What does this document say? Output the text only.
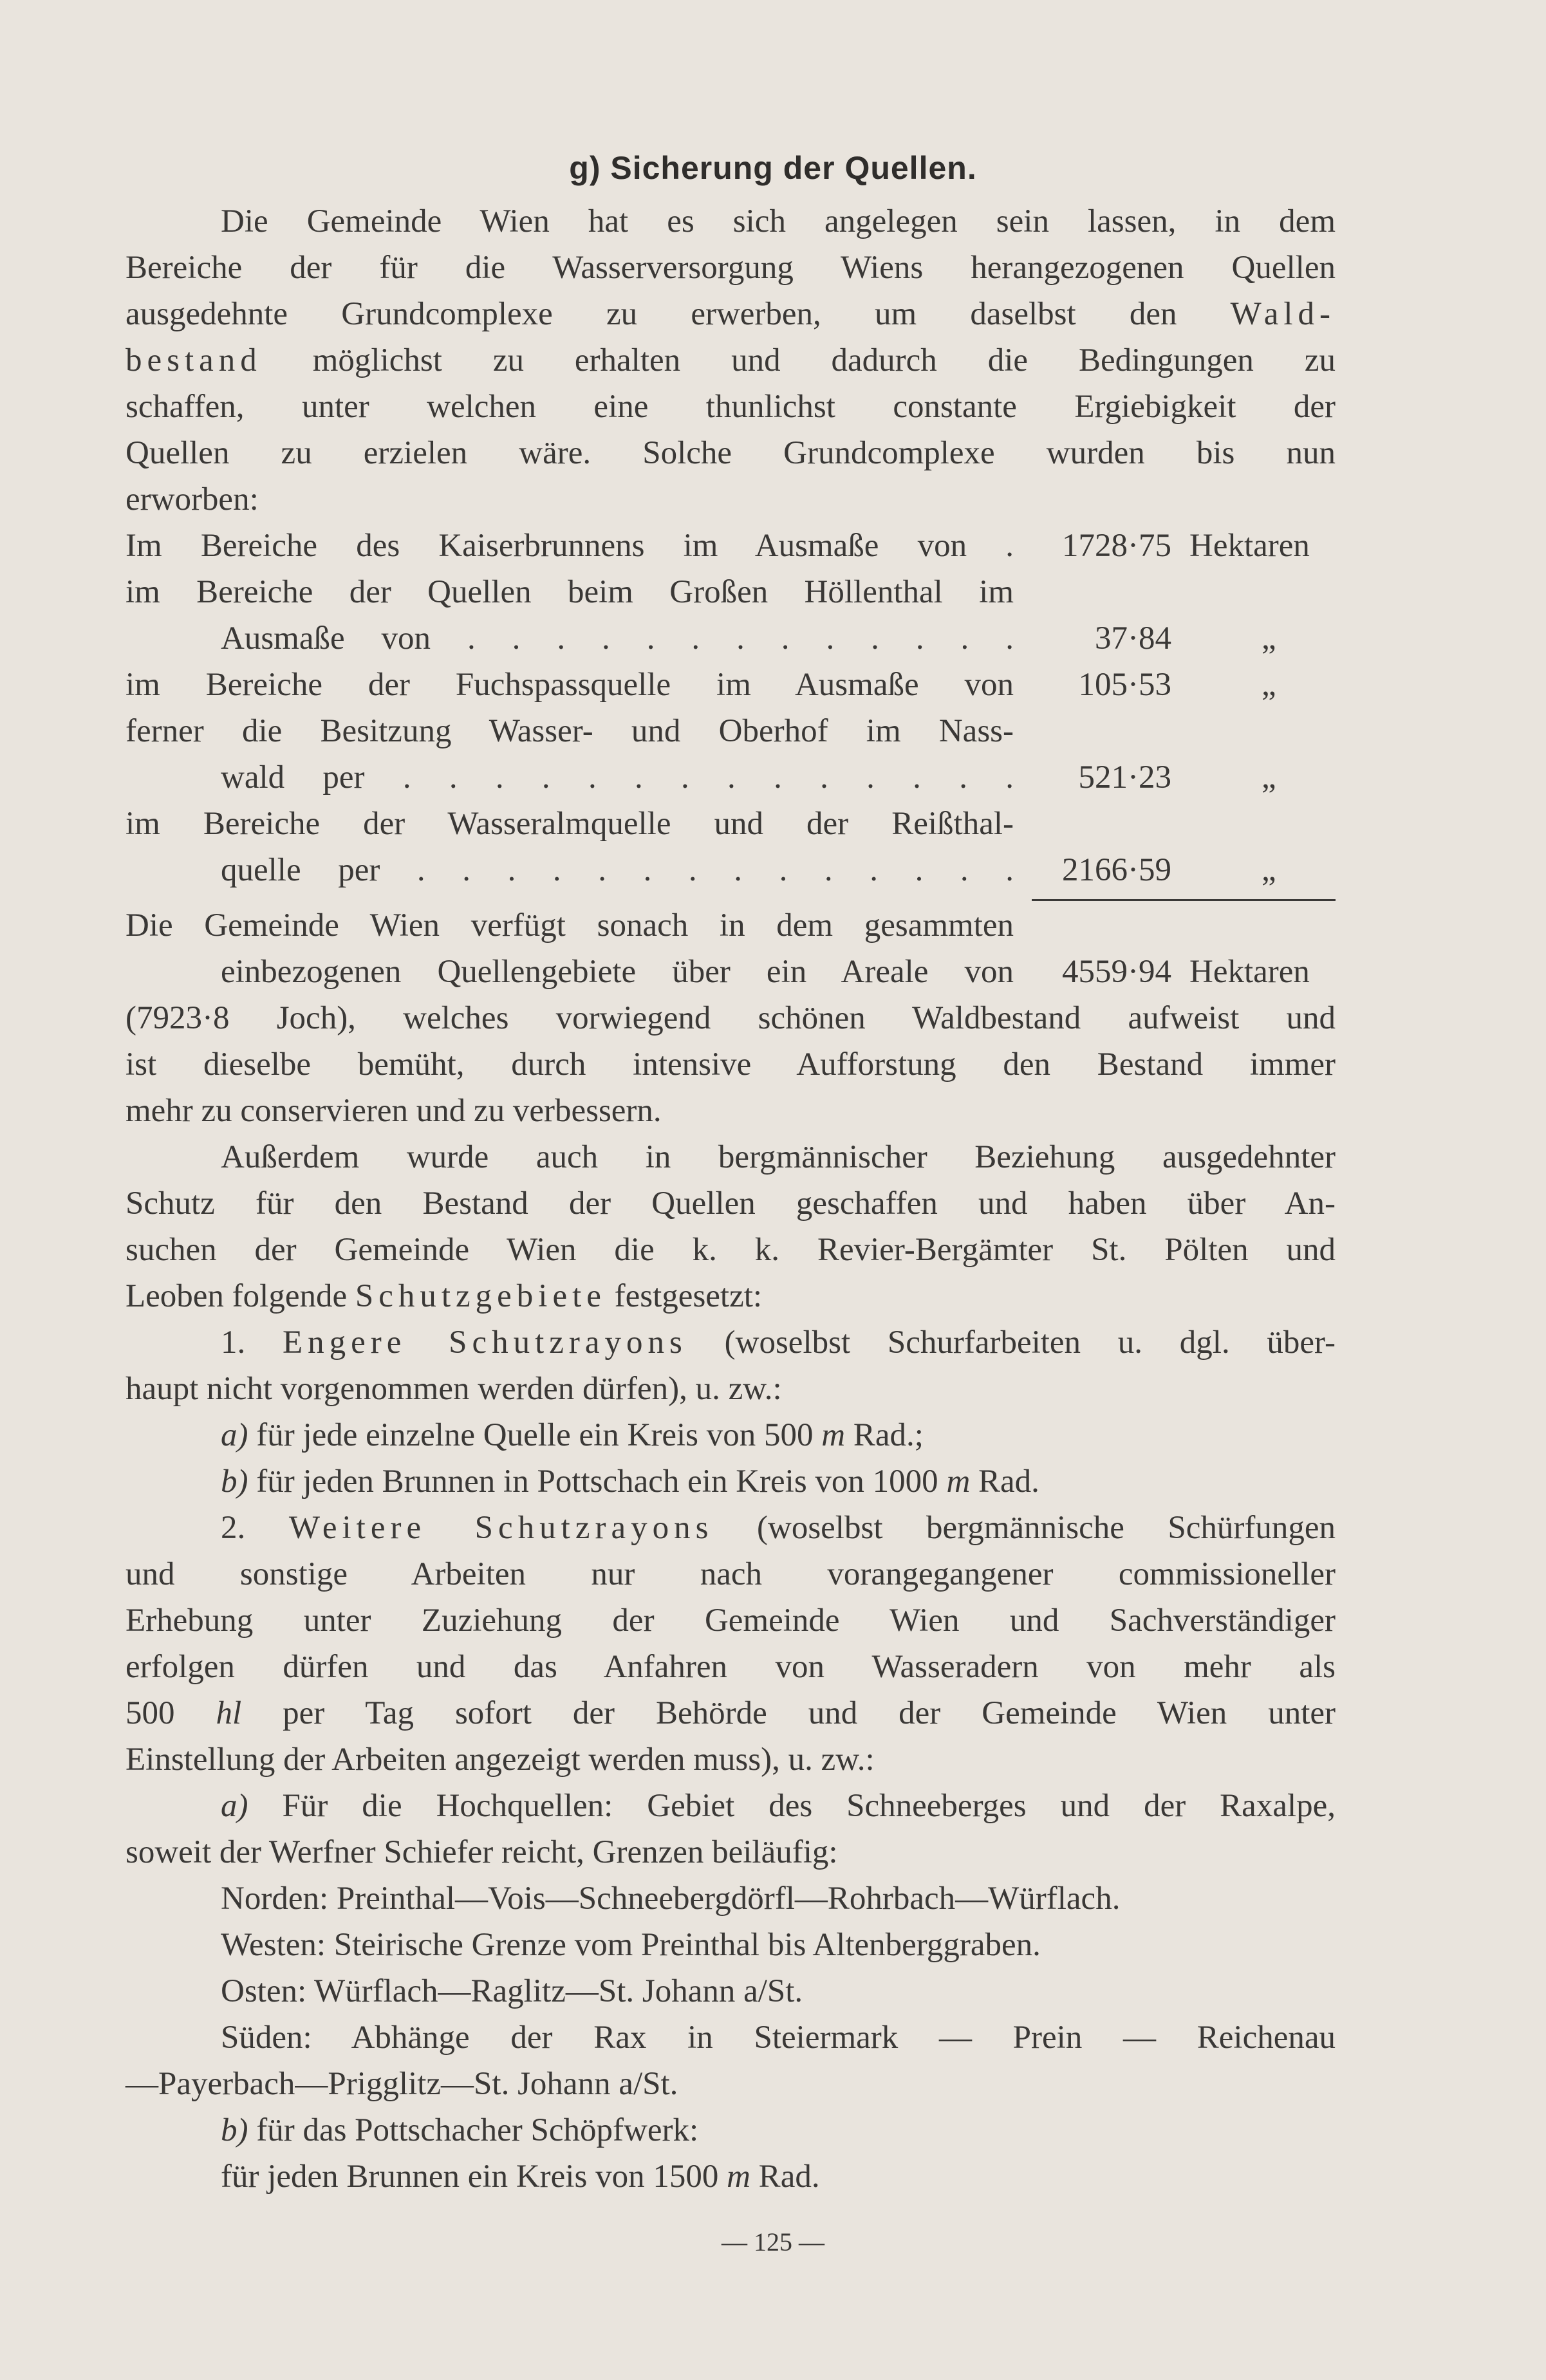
g) Sicherung der Quellen.
Die Gemeinde Wien hat es sich angelegen sein lassen, in dem
Bereiche der für die Wasserversorgung Wiens herangezogenen Quellen
ausgedehnte Grundcomplexe zu erwerben, um daselbst den Wald-
bestand möglichst zu erhalten und dadurch die Bedingungen zu
schaffen, unter welchen eine thunlichst constante Ergiebigkeit der
Quellen zu erzielen wäre. Solche Grundcomplexe wurden bis nun
erworben:
Im Bereiche des Kaiserbrunnens im Ausmaße von .	1728·75 Hektaren
im Bereiche der Quellen beim Großen Höllenthal im
Ausmaße von . . . . . . . . . . . . .	37·84	„
im Bereiche der Fuchspassquelle im Ausmaße von	105·53	„
ferner die Besitzung Wasser- und Oberhof im Nass-
wald per . . . . . . . . . . . . . .	521·23	„
im Bereiche der Wasseralmquelle und der Reißthal-
quelle per . . . . . . . . . . . . . .	2166·59	„
Die Gemeinde Wien verfügt sonach in dem gesammten
einbezogenen Quellengebiete über ein Areale von	4559·94 Hektaren
(7923·8 Joch), welches vorwiegend schönen Waldbestand aufweist und
ist dieselbe bemüht, durch intensive Aufforstung den Bestand immer
mehr zu conservieren und zu verbessern.
Außerdem wurde auch in bergmännischer Beziehung ausgedehnter
Schutz für den Bestand der Quellen geschaffen und haben über An-
suchen der Gemeinde Wien die k. k. Revier-Bergämter St. Pölten und
Leoben folgende Schutzgebiete festgesetzt:
1. Engere Schutzrayons (woselbst Schurfarbeiten u. dgl. über-
haupt nicht vorgenommen werden dürfen), u. zw.:
a) für jede einzelne Quelle ein Kreis von 500 m Rad.;
b) für jeden Brunnen in Pottschach ein Kreis von 1000 m Rad.
2. Weitere Schutzrayons (woselbst bergmännische Schürfungen
und sonstige Arbeiten nur nach vorangegangener commissioneller
Erhebung unter Zuziehung der Gemeinde Wien und Sachverständiger
erfolgen dürfen und das Anfahren von Wasseradern von mehr als
500 hl per Tag sofort der Behörde und der Gemeinde Wien unter
Einstellung der Arbeiten angezeigt werden muss), u. zw.:
a) Für die Hochquellen: Gebiet des Schneeberges und der Raxalpe,
soweit der Werfner Schiefer reicht, Grenzen beiläufig:
Norden: Preinthal—Vois—Schneebergdörfl—Rohrbach—Würflach.
Westen: Steirische Grenze vom Preinthal bis Altenberggraben.
Osten: Würflach—Raglitz—St. Johann a/St.
Süden: Abhänge der Rax in Steiermark — Prein — Reichenau
—Payerbach—Prigglitz—St. Johann a/St.
b) für das Pottschacher Schöpfwerk:
für jeden Brunnen ein Kreis von 1500 m Rad.
— 125 —
